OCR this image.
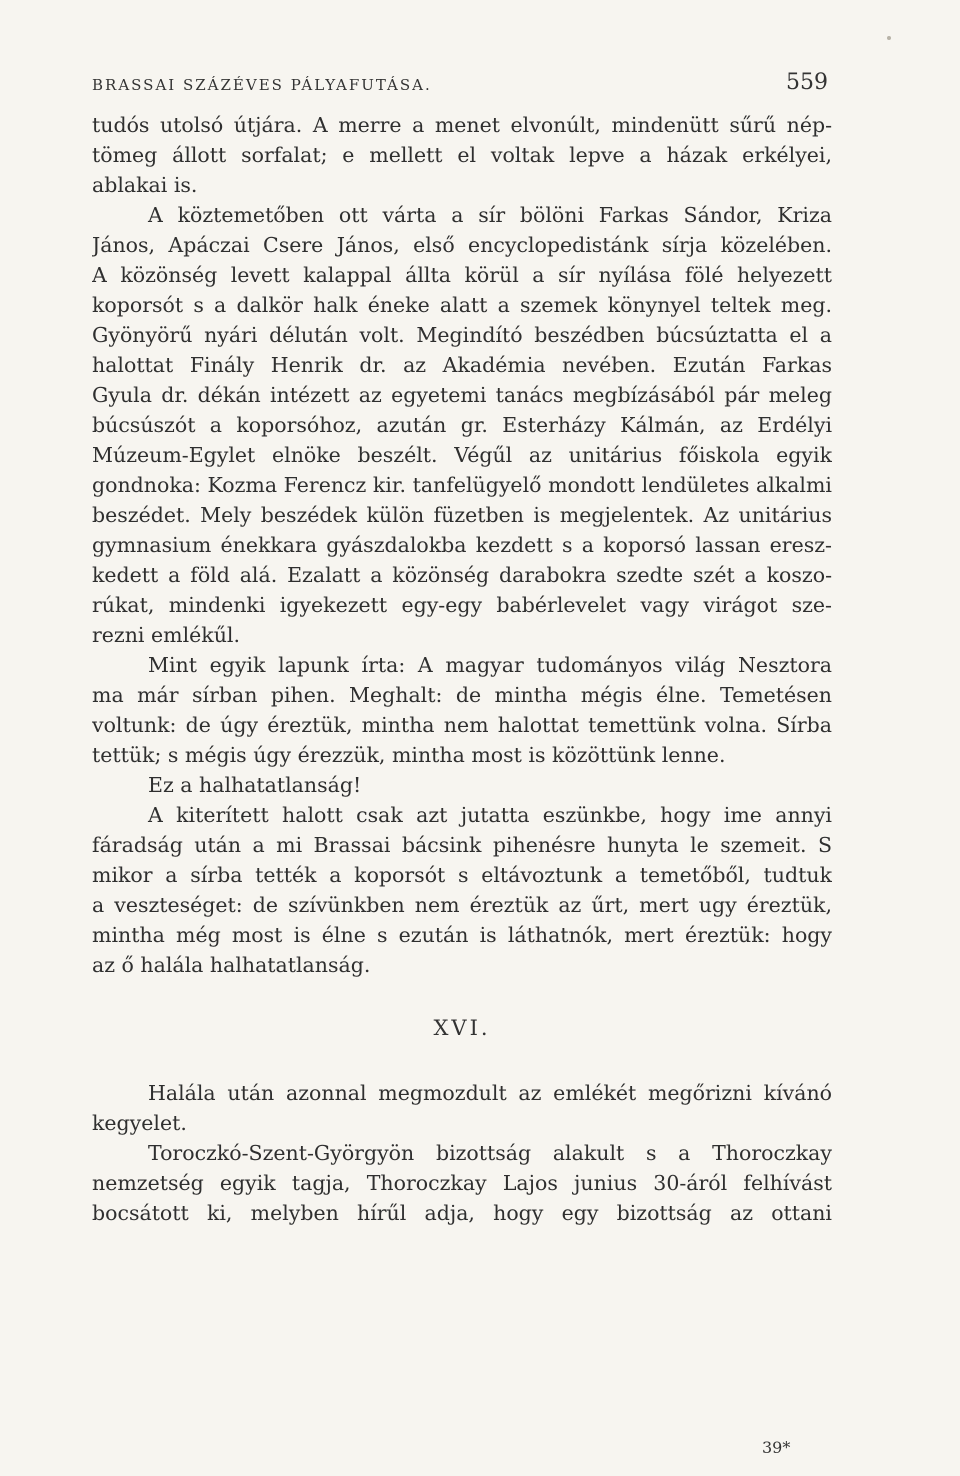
BRASSAI SZÁZÉVES PÁLYAFUTÁSA.	559
tudós utolsó útjára. A merre a menet elvonúlt, mindenütt sűrű nép-
tömeg állott sorfalat; e mellett el voltak lepve a házak erkélyei,
ablakai is.
A köztemetőben ott várta a sír bölöni Farkas Sándor, Kriza
János, Apáczai Csere János, első encyclopedistánk sírja közelében.
A közönség levett kalappal állta körül a sír nyílása fölé helyezett
koporsót s a dalkör halk éneke alatt a szemek könynyel teltek meg.
Gyönyörű nyári délután volt. Megindító beszédben búcsúztatta el a
halottat Finály Henrik dr. az Akadémia nevében. Ezután Farkas
Gyula dr. dékán intézett az egyetemi tanács megbízásából pár meleg
búcsúszót a koporsóhoz, azután gr. Esterházy Kálmán, az Erdélyi
Múzeum-Egylet elnöke beszélt. Végűl az unitárius főiskola egyik
gondnoka: Kozma Ferencz kir. tanfelügyelő mondott lendületes alkalmi
beszédet. Mely beszédek külön füzetben is megjelentek. Az unitárius
gymnasium énekkara gyászdalokba kezdett s a koporsó lassan eresz-
kedett a föld alá. Ezalatt a közönség darabokra szedte szét a koszo-
rúkat, mindenki igyekezett egy-egy babérlevelet vagy virágot sze-
rezni emlékűl.
Mint egyik lapunk írta: A magyar tudományos világ Nesztora
ma már sírban pihen. Meghalt: de mintha mégis élne. Temetésen
voltunk: de úgy éreztük, mintha nem halottat temettünk volna. Sírba
tettük; s mégis úgy érezzük, mintha most is közöttünk lenne.
Ez a halhatatlanság!
A kiterített halott csak azt jutatta eszünkbe, hogy ime annyi
fáradság után a mi Brassai bácsink pihenésre hunyta le szemeit. S
mikor a sírba tették a koporsót s eltávoztunk a temetőből, tudtuk
a veszteséget: de szívünkben nem éreztük az űrt, mert ugy éreztük,
mintha még most is élne s ezután is láthatnók, mert éreztük: hogy
az ő halála halhatatlanság.
XVI.
Halála után azonnal megmozdult az emlékét megőrizni kívánó
kegyelet.
Toroczkó-Szent-Györgyön bizottság alakult s a Thoroczkay
nemzetség egyik tagja, Thoroczkay Lajos junius 30-áról felhívást
bocsátott ki, melyben hírűl adja, hogy egy bizottság az ottani
39*
